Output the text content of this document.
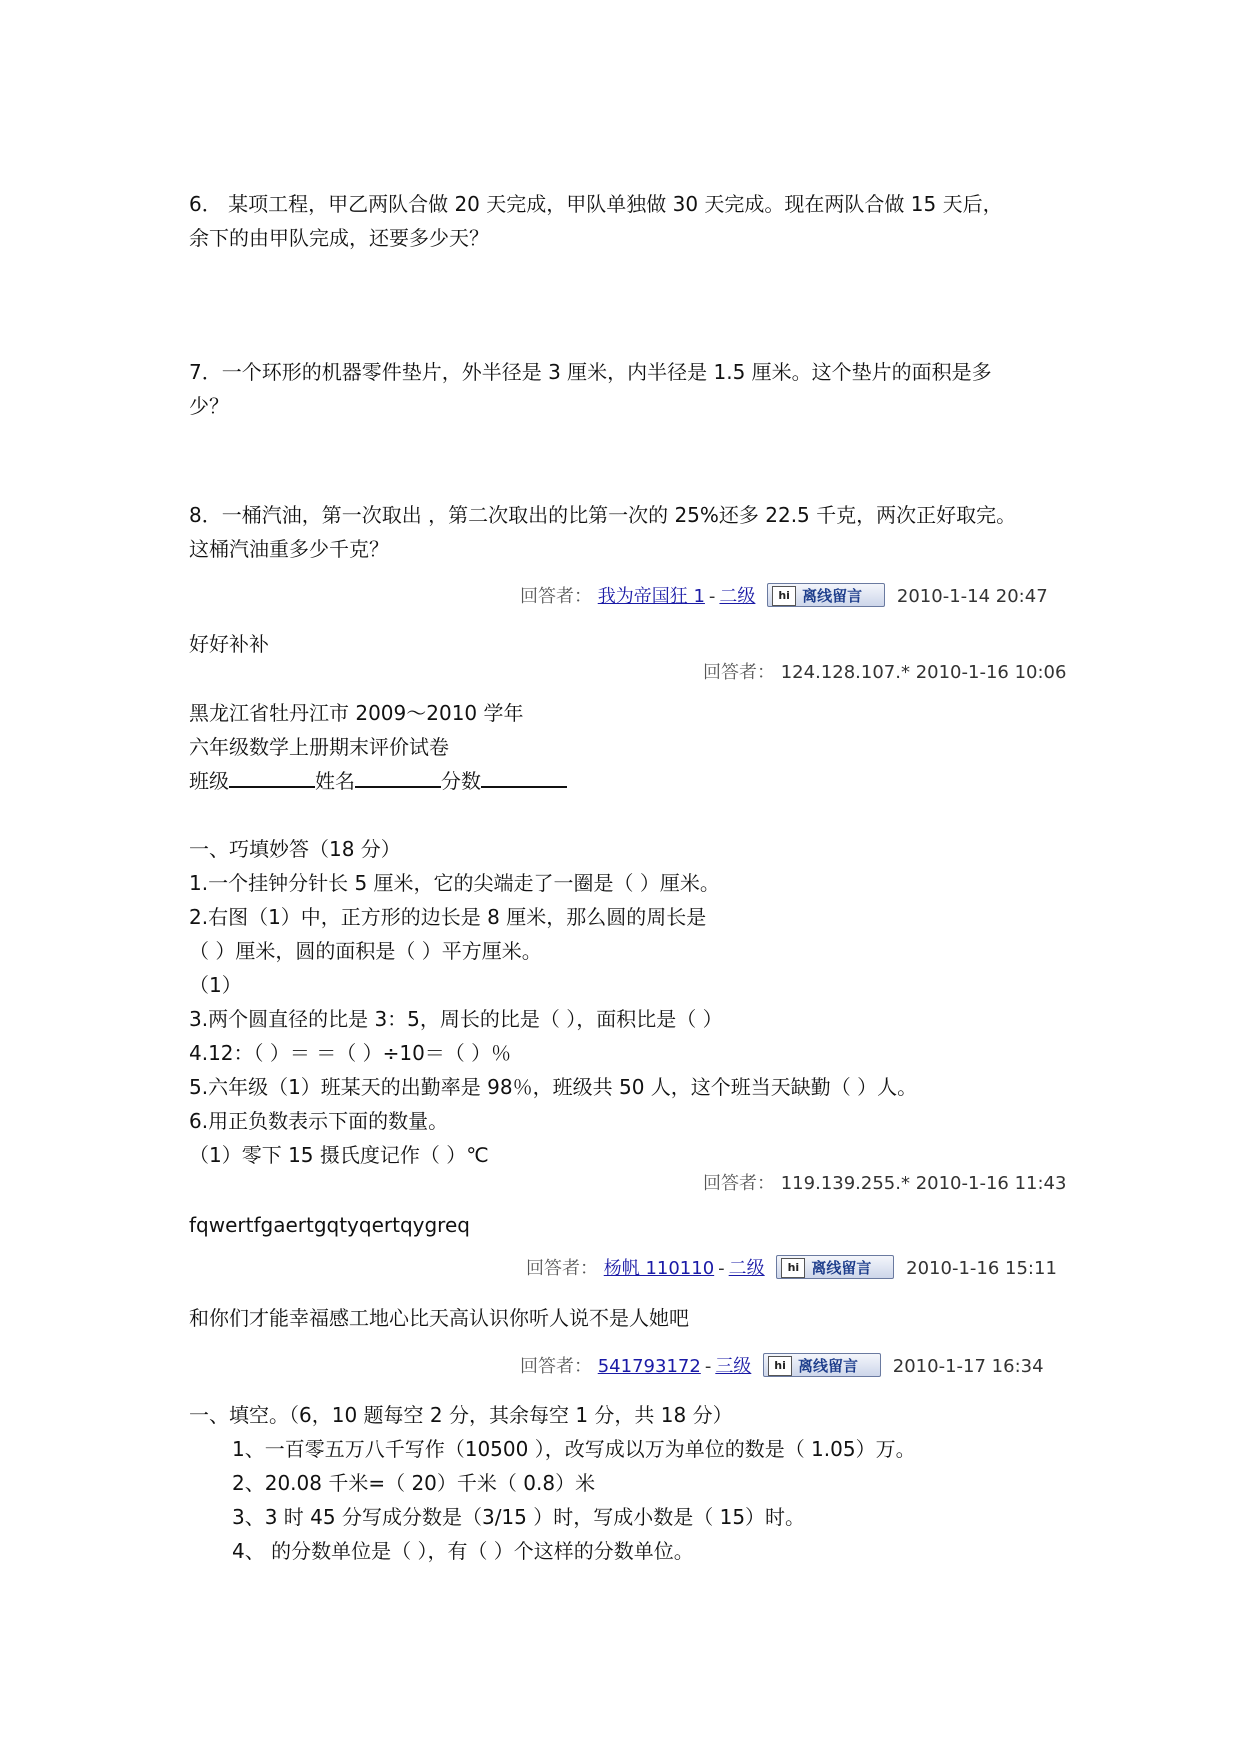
6． 某项工程，甲乙两队合做 20 天完成，甲队单独做 30 天完成。现在两队合做 15 天后，
余下的由甲队完成，还要多少天？
7．一个环形的机器零件垫片，外半径是 3 厘米，内半径是 1.5 厘米。这个垫片的面积是多
少？
8．一桶汽油，第一次取出 ，第二次取出的比第一次的 25%还多 22.5 千克，两次正好取完。
这桶汽油重多少千克？
回答者： 我为帝国狂 1 - 二级 hi 离线留言 2010-1-14 20:47
好好补补
回答者： 124.128.107.* 2010-1-16 10:06
黑龙江省牡丹江市 2009～2010 学年
六年级数学上册期末评价试卷
班级	姓名	分数
一、巧填妙答（18 分）
1.一个挂钟分针长 5 厘米，它的尖端走了一圈是（ ）厘米。
2.右图（1）中，正方形的边长是 8 厘米，那么圆的周长是
（ ）厘米，圆的面积是（ ）平方厘米。
（1）
3.两个圆直径的比是 3：5，周长的比是（ ），面积比是（ ）
4.12：（ ）＝ ＝（ ）÷10＝（ ）％
5.六年级（1）班某天的出勤率是 98％，班级共 50 人，这个班当天缺勤（ ）人。
6.用正负数表示下面的数量。
（1）零下 15 摄氏度记作（ ）℃
回答者： 119.139.255.* 2010-1-16 11:43
fqwertfgaertgqtyqertqygreq
回答者： 杨帆 110110 - 二级 hi 离线留言 2010-1-16 15:11
和你们才能幸福感工地心比天高认识你听人说不是人她吧
回答者： 541793172 - 三级 hi 离线留言 2010-1-17 16:34
一、填空。（6，10 题每空 2 分，其余每空 1 分，共 18 分）
1、一百零五万八千写作（10500 ），改写成以万为单位的数是（ 1.05）万。
2、20.08 千米=（ 20）千米（ 0.8）米
3、3 时 45 分写成分数是（3/15 ）时，写成小数是（ 15）时。
4、 的分数单位是（ ），有（ ）个这样的分数单位。
